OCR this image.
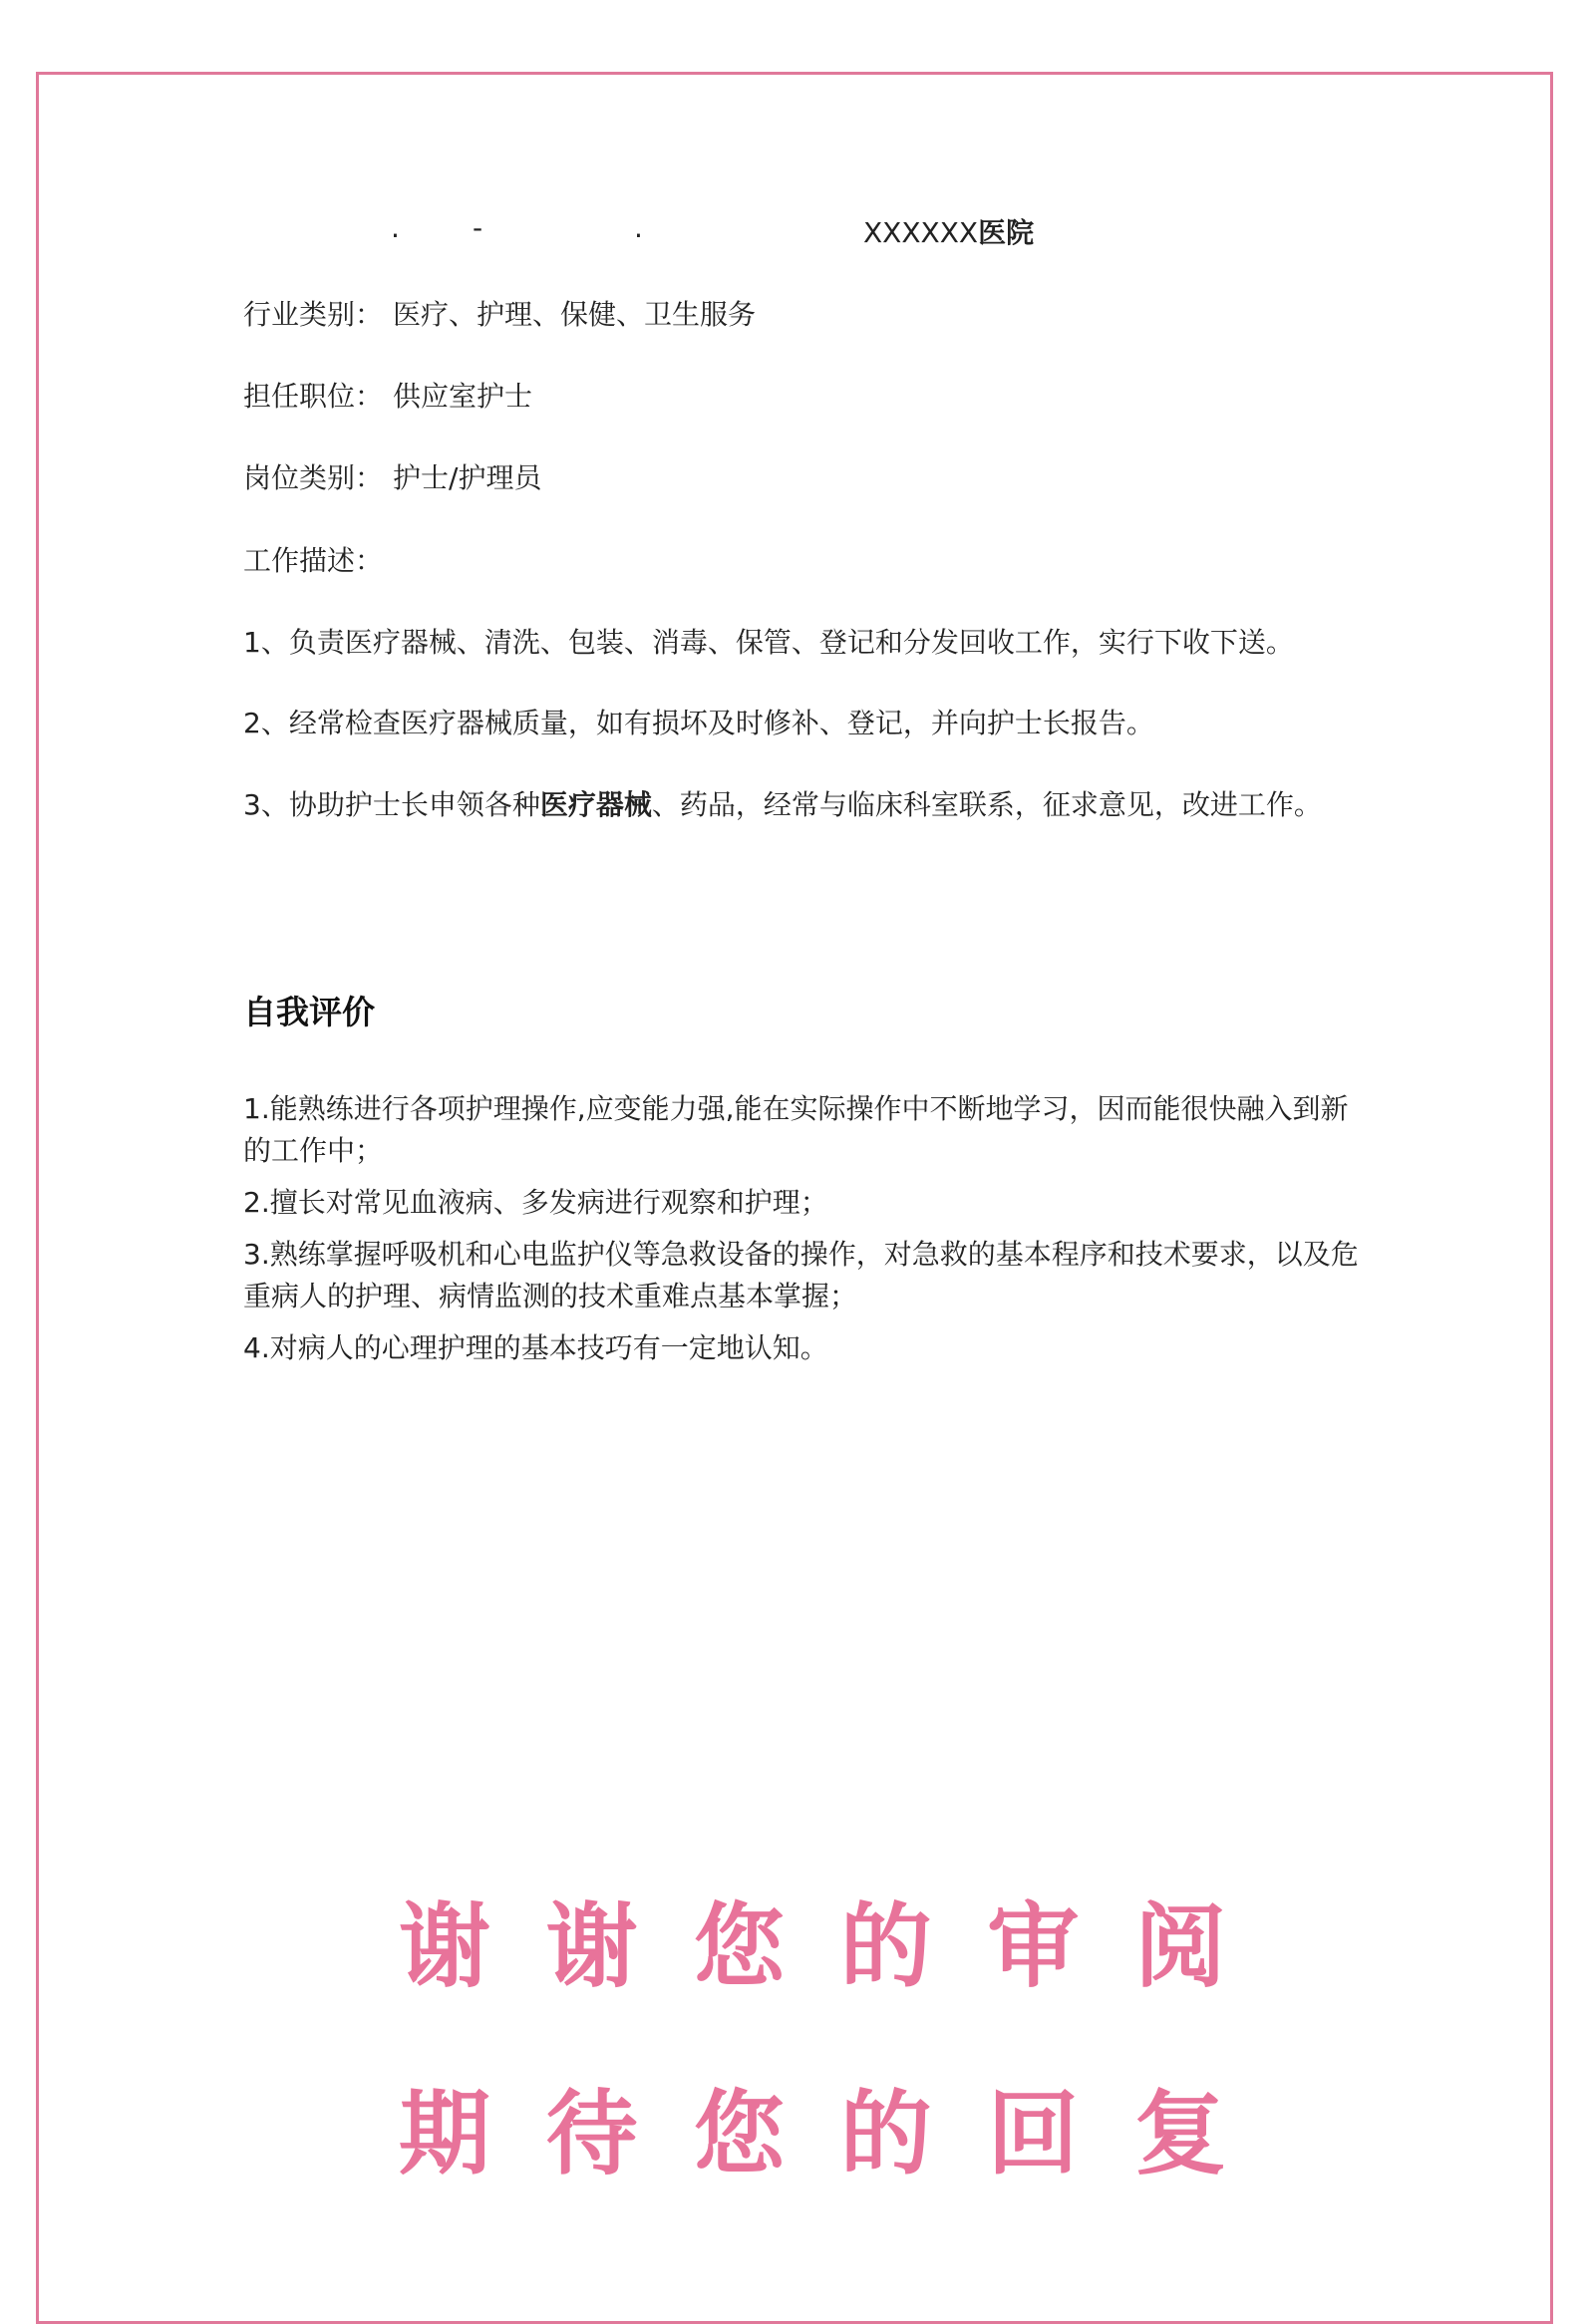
.	-	.	XXXXXX医院
行业类别： 医疗、护理、保健、卫生服务
担任职位： 供应室护士
岗位类别： 护士/护理员
工作描述：
1、负责医疗器械、清洗、包装、消毒、保管、登记和分发回收工作，实行下收下送。
2、经常检查医疗器械质量，如有损坏及时修补、登记，并向护士长报告。
3、协助护士长申领各种医疗器械、药品，经常与临床科室联系，征求意见，改进工作。
自我评价
1.能熟练进行各项护理操作,应变能力强,能在实际操作中不断地学习，因而能很快融入到新的工作中；
2.擅长对常见血液病、多发病进行观察和护理；
3.熟练掌握呼吸机和心电监护仪等急救设备的操作，对急救的基本程序和技术要求，以及危重病人的护理、病情监测的技术重难点基本掌握；
4.对病人的心理护理的基本技巧有一定地认知。
谢 谢 您 的 审 阅
期 待 您 的 回 复
